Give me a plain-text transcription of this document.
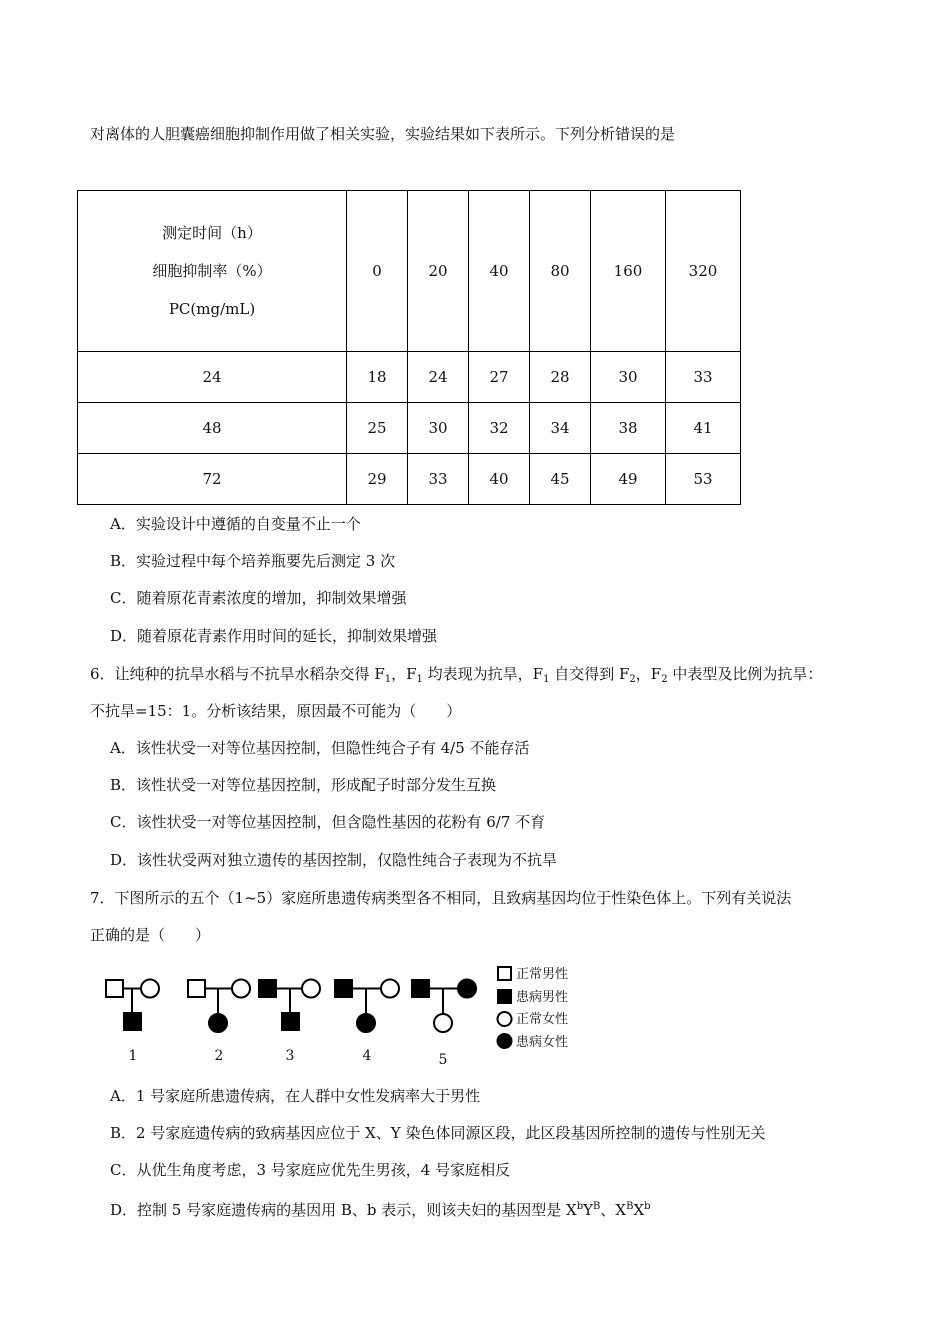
对离体的人胆囊癌细胞抑制作用做了相关实验，实验结果如下表所示。下列分析错误的是
测定时间（h）
细胞抑制率（%）
PC(mg/mL)	0	20	40	80	160	320
24	18	24	27	28	30	33
48	25	30	32	34	38	41
72	29	33	40	45	49	53
A．实验设计中遵循的自变量不止一个
B．实验过程中每个培养瓶要先后测定 3 次
C．随着原花青素浓度的增加，抑制效果增强
D．随着原花青素作用时间的延长，抑制效果增强
6．让纯种的抗旱水稻与不抗旱水稻杂交得 $F_1$，$F_1$ 均表现为抗旱，$F_1$ 自交得到 $F_2$，$F_2$ 中表型及比例为抗旱：
不抗旱=15：1。分析该结果，原因最不可能为（　　）
A．该性状受一对等位基因控制，但隐性纯合子有 4/5 不能存活
B．该性状受一对等位基因控制，形成配子时部分发生互换
C．该性状受一对等位基因控制，但含隐性基因的花粉有 6/7 不育
D．该性状受两对独立遗传的基因控制，仅隐性纯合子表现为不抗旱
7．下图所示的五个（1~5）家庭所患遗传病类型各不相同，且致病基因均位于性染色体上。下列有关说法
正确的是（　　）
正常男性
患病男性
正常女性
患病女性
1	2	3	4	5
A．1 号家庭所患遗传病，在人群中女性发病率大于男性
B．2 号家庭遗传病的致病基因应位于 X、Y 染色体同源区段，此区段基因所控制的遗传与性别无关
C．从优生角度考虑，3 号家庭应优先生男孩，4 号家庭相反
D．控制 5 号家庭遗传病的基因用 B、b 表示，则该夫妇的基因型是 $X^bY^B$、$X^BX^b$
